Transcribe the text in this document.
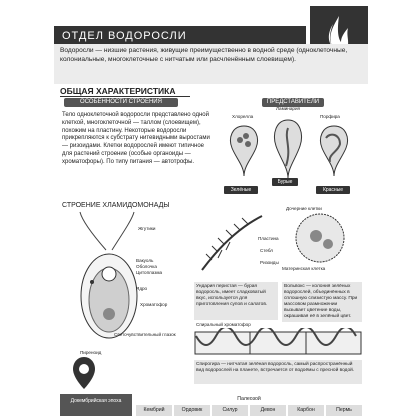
ОТДЕЛ ВОДОРОСЛИ
Водоросли — низшие растения, живущие преимущественно в водной среде (одноклеточные, колониальные, многоклеточные с нитчатым или расчленённым слоевищем).
ОБЩАЯ ХАРАКТЕРИСТИКА
ОСОБЕННОСТИ СТРОЕНИЯ	ПРЕДСТАВИТЕЛИ
Тело одноклеточной водоросли представлено одной клеткой, многоклеточной — таллом (слоевищем), похожим на пластину. Некоторые водоросли прикрепляются к субстрату нитевидными выростами — ризоидами. Клетки водорослей имеют типичное для растений строение (особые органоиды — хроматофоры). По типу питания — автотрофы.
Хлорелла
Ламинария
Порфира
Зелёные
Бурые
Красные
СТРОЕНИЕ ХЛАМИДОМОНАДЫ
Жгутики
Вакуоль
Оболочка
Цитоплазма
Ядро
Хроматофор
Светочувствительный глазок
Пиреноид
Пластина
Стебл
Ризоиды
Ундария перистая — бурая водоросль, имеет сладковатый вкус, используется для приготовления супов и салатов.
Дочерние клетки
Материнская клетка
Вольвокс — колония зелёных водорослей, объединённых в сплошную слизистую массу. При массовом размножении вызывает цветение воды, окрашивая её в зелёный цвет.
Спиральный хроматофор
Спирогира — нитчатая зелёная водоросль, самый распространённый вид водорослей на планете, встречается от водоёмы с пресной водой.
Докембрийская эпоха	Палеозой
Кембрий	Ордовик	Силур	Девон	Карбон	Пермь
